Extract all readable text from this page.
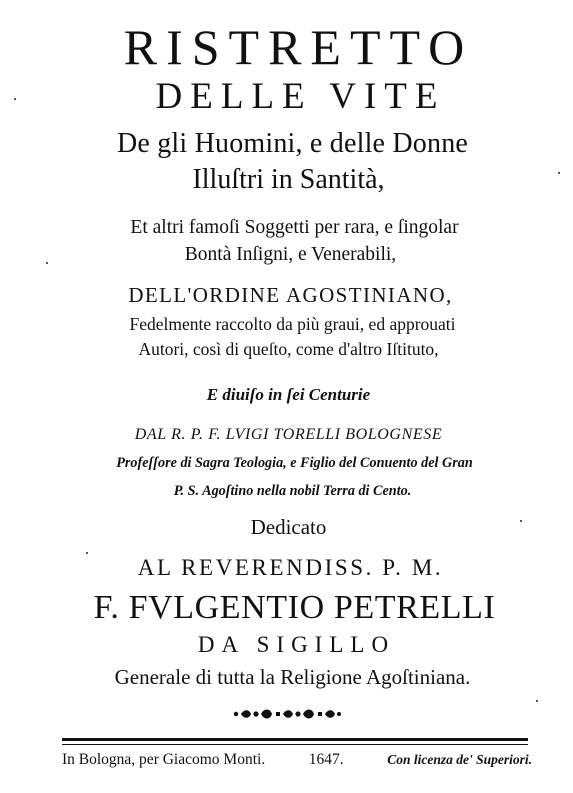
RISTRETTO
DELLE VITE
De gli Huomini, e delle Donne
Illuſtri in Santità,
Et altri famoſi Soggetti per rara, e ſingolar
Bontà Inſigni, e Venerabili,
DELL'ORDINE AGOSTINIANO,
Fedelmente raccolto da più graui, ed approuati
Autori, così di queſto, come d'altro Iſtituto,
E diuiſo in ſei Centurie
DAL R. P. F. LVIGI TORELLI BOLOGNESE
Profeſſore di Sagra Teologia, e Figlio del Conuento del Gran
P. S. Agoſtino nella nobil Terra di Cento.
Dedicato
AL REVERENDISS. P. M.
F. FVLGENTIO PETRELLI
DA SIGILLO
Generale di tutta la Religione Agoſtiniana.
In Bologna, per Giacomo Monti.	1647.	Con licenza de' Superiori.
